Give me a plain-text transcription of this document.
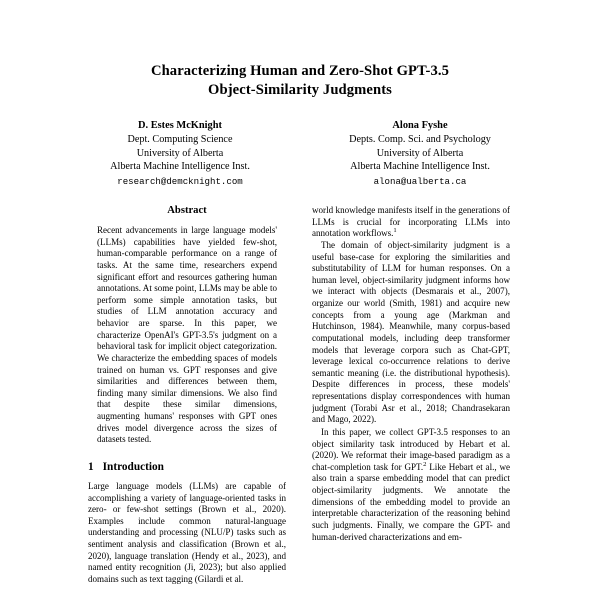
Characterizing Human and Zero-Shot GPT-3.5
Object-Similarity Judgments
D. Estes McKnight
Dept. Computing Science
University of Alberta
Alberta Machine Intelligence Inst.
research@demcknight.com
Alona Fyshe
Depts. Comp. Sci. and Psychology
University of Alberta
Alberta Machine Intelligence Inst.
alona@ualberta.ca
Abstract

Recent advancements in large language models' (LLMs) capabilities have yielded few-shot, human-comparable performance on a range of tasks. At the same time, researchers expend significant effort and resources gathering human annotations. At some point, LLMs may be able to perform some simple annotation tasks, but studies of LLM annotation accuracy and behavior are sparse. In this paper, we characterize OpenAI's GPT-3.5's judgment on a behavioral task for implicit object categorization. We characterize the embedding spaces of models trained on human vs. GPT responses and give similarities and differences between them, finding many similar dimensions. We also find that despite these similar dimensions, augmenting humans' responses with GPT ones drives model divergence across the sizes of datasets tested.

1 Introduction

Large language models (LLMs) are capable of accomplishing a variety of language-oriented tasks in zero- or few-shot settings (Brown et al., 2020). Examples include common natural-language understanding and processing (NLU/P) tasks such as sentiment analysis and classification (Brown et al., 2020), language translation (Hendy et al., 2023), and named entity recognition (Ji, 2023); but also applied domains such as text tagging (Gilardi et al.

world knowledge manifests itself in the generations of LLMs is crucial for incorporating LLMs into annotation workflows.$^1$

The domain of object-similarity judgment is a useful base-case for exploring the similarities and substitutability of LLM for human responses. On a human level, object-similarity judgment informs how we interact with objects (Desmarais et al., 2007), organize our world (Smith, 1981) and acquire new concepts from a young age (Markman and Hutchinson, 1984). Meanwhile, many corpus-based computational models, including deep transformer models that leverage corpora such as Chat-GPT, leverage lexical co-occurrence relations to derive semantic meaning (i.e. the distributional hypothesis). Despite differences in process, these models' representations display correspondences with human judgment (Torabi Asr et al., 2018; Chandrasekaran and Mago, 2022).

In this paper, we collect GPT-3.5 responses to an object similarity task introduced by Hebart et al. (2020). We reformat their image-based paradigm as a chat-completion task for GPT.$^2$ Like Hebart et al., we also train a sparse embedding model that can predict object-similarity judgments. We annotate the dimensions of the embedding model to provide an interpretable characterization of the reasoning behind such judgments. Finally, we compare the GPT- and human-derived characterizations and em-
